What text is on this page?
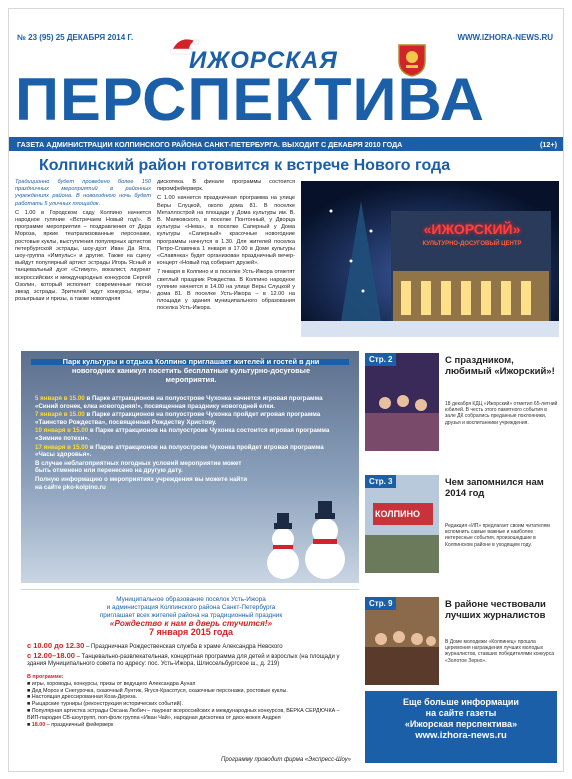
№ 23 (95) 25 ДЕКАБРЯ 2014 Г.	WWW.IZHORA-NEWS.RU
ИЖОРСКАЯ
ПЕРСПЕКТИВА
ГАЗЕТА АДМИНИСТРАЦИИ КОЛПИНСКОГО РАЙОНА САНКТ-ПЕТЕРБУРГА. ВЫХОДИТ С ДЕКАБРЯ 2010 ГОДА	(12+)
Колпинский район готовится к встрече Нового года

Традиционно будет проведено более 150 праздничных мероприятий в районных учреждениях района. В новогоднюю ночь будет работать 5 уличных площадок.

С 1.00 в Городском саду Колпино начнется народное гуляние «Встречаем Новый год!». В программе мероприятия – поздравления от Деда Мороза, яркие театрализованные персонажи, ростовые куклы, выступления популярных артистов петербургской эстрады, шоу-дуэт Иван Да Ягга, шоу-группа «Импульс» и другие. Также на сцену выйдут популярный артист эстрады Игорь Ясный и танцевальный дуэт «Стимул», вокалист, лауреат всероссийских и международных конкурсов Сергей Озолин, который исполнит современные песни звезд эстрады. Зрителей ждут конкурсы, игры, розыгрыши и призы, а также новогодняя

дискотека. В финале программы состоится пиромфейерверк.

С 1.00 начнется праздничная программа на улице Веры Слуцкой, около дома 81. В поселке Металлострой на площади у Дома культуры им. В. В. Маяковского, в поселке Понтонный, у Дворца культуры «Нева», в поселке Саперный у Дома культуры «Саперный» красочные новогодние программы начнутся в 1.30. Для жителей поселка Петро-Славянка 1 января в 17.00 в Доме культуры «Славянка» будет организован праздничный вечер-концерт «Новый год собирает друзей».

7 января в Колпино и в поселке Усть-Ижора отметят светлый праздник Рождества. В Колпино народное гуляние начнется в 14.00 на улице Веры Слуцкой у дома 81. В поселке Усть-Ижора – в 12.00 на площади у здания муниципального образования поселка Усть-Ижора.

«ИЖОРСКИЙ»
КУЛЬТУРНО-ДОСУГОВЫЙ ЦЕНТР
Парк культуры и отдыха Колпино приглашает жителей и гостей в дни новогодних каникул посетить бесплатные культурно-досуговые мероприятия.

5 января в 15.00 в Парке аттракционов на полуострове Чухонка начнется игровая программа «Синий огонек, елка новогодняя!», посвященная празднику новогодней елки.

7 января в 15.00 в Парке аттракционов на полуострове Чухонка пройдет игровая программа «Таинство Рождества», посвященная Рождеству Христову.

10 января в 15.00 в Парке аттракционов на полуострове Чухонка состоится игровая программа «Зимние потехи».

17 января в 15.00 в Парке аттракционов на полуострове Чухонка пройдет игровая программа «Часы здоровья».

В случае неблагоприятных погодных условий мероприятие может быть отменено или перенесено на другую дату.

Полную информацию о мероприятиях учреждения вы можете найти на сайте pko-kolpino.ru

Стр. 2	С праздником, любимый «Ижорский»!
18 декабря КДЦ «Ижорский» отметил 65-летний юбилей. В честь этого памятного события в зале ДК собрались преданные поклонники, друзья и воспитанники учреждения.
Стр. 3
КОЛПИНО
Чем запомнился нам 2014 год
Редакция «ИП» предлагает своим читателям вспомнить самые важные и наиболее интересные события, произошедшие в Колпинском районе в уходящем году.
Стр. 9	В районе чествовали лучших журналистов
В Доме молодежи «Колпинец» прошла церемония награждения лучших молодых журналистов, ставших победителями конкурса «Золотое Зерно».
Муниципальное образование поселок Усть-Ижора
и администрация Колпинского района Санкт-Петербурга
приглашает всех жителей района на традиционный праздник
«Рождество к нам в дверь стучится!»
7 января 2015 года
с 10.00 до 12.30 – Праздничная Рождественская служба в храме Александра Невского
с 12.00–18.00 – Танцевально-развлекательная, концертная программа для детей и взрослых (на площади у здания Муниципального совета по адресу: пос. Усть-Ижора, Шлиссельбургское ш., д. 219)
В программе:
■ игры, хороводы, конкурсы, призы от ведущего Александра Аунап
■ Дед Мороз и Снегурочка, сказочный Лунтик, Ягуся-Красотуся, сказочные персонажи, ростовые куклы.
■ Настоящая дрессированная Коза-Дереза.
■ Рыцарские турниры (реконструкция исторических событий).
■ Популярная артистка эстрады Оксана Любич – лауреат всероссийских и международных конкурсов, ВЕРКА СЕРДЮЧКА – ВИП-пародия СВ-шоугрупп, поп-фолк группа «Иван Чай», народная дискотека от диск-жокея Андрея
■ 18.00 – праздничный фейерверк
Программу проводит фирма «Экспресс-Шоу»
Еще больше информации
на сайте газеты
«Ижорская перспектива»
www.izhora-news.ru
